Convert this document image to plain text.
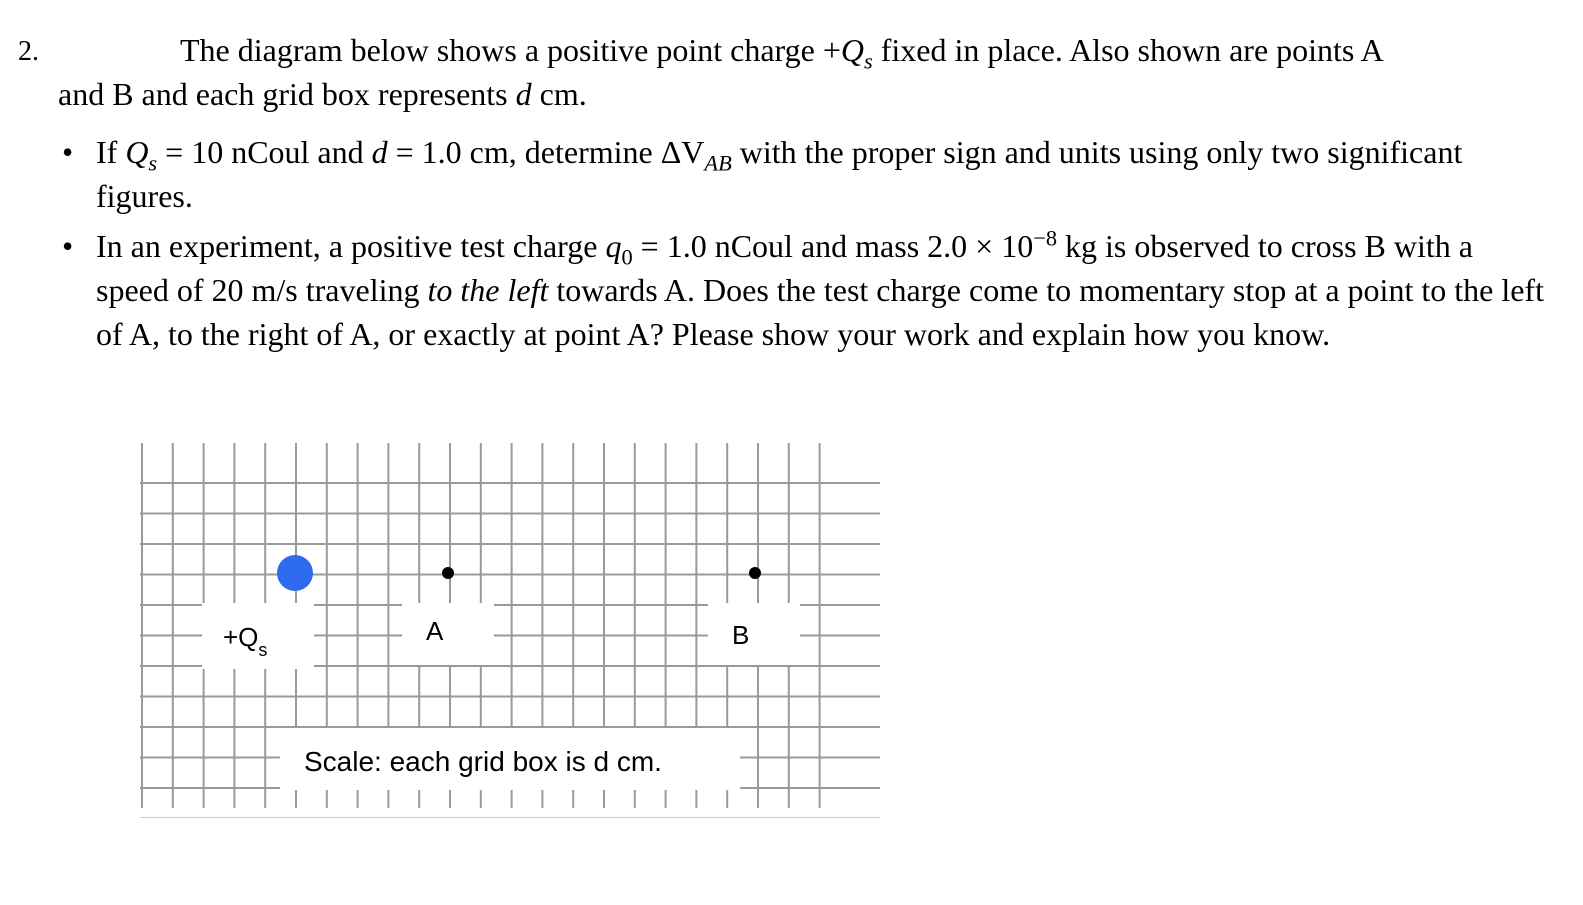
2.	The diagram below shows a positive point charge $+Q_s$ fixed in place. Also shown are points A
and B and each grid box represents d cm.
• If $Q_s = 10$ nCoul and d = 1.0 cm, determine $\Delta V_{AB}$ with the proper sign and units using only two significant figures.
• In an experiment, a positive test charge $q_0 = 1.0$ nCoul and mass $2.0 \times 10^{-8}$ kg is observed to cross B with a speed of 20 m/s traveling to the left towards A. Does the test charge come to momentary stop at a point to the left of A, to the right of A, or exactly at point A? Please show your work and explain how you know.
$+Q_s$
A	B
Scale: each grid box is d cm.
